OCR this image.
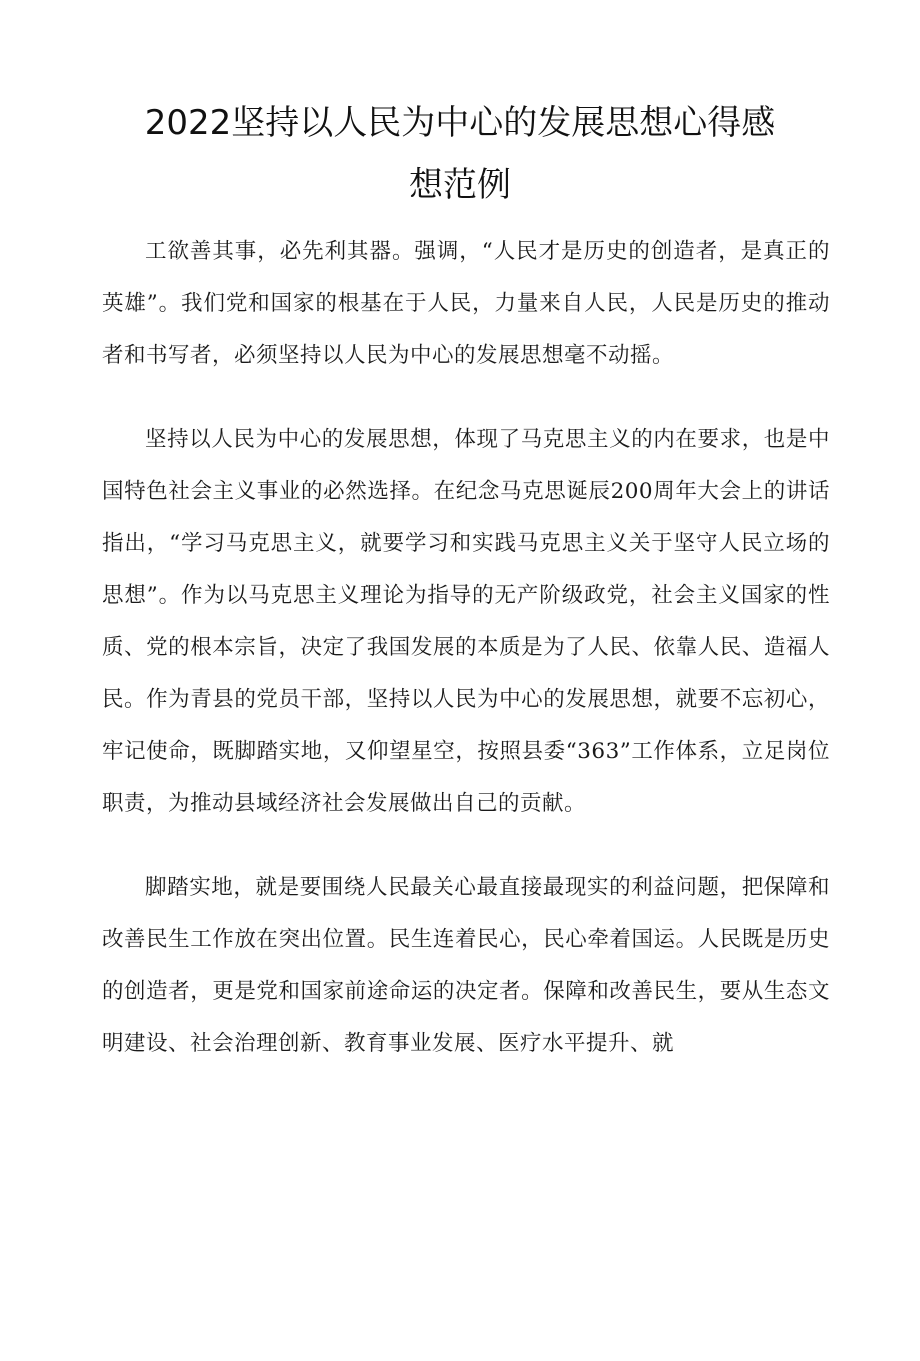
2022坚持以人民为中心的发展思想心得感
想范例

工欲善其事，必先利其器。强调，“人民才是历史的创造者，是真正的英雄”。我们党和国家的根基在于人民，力量来自人民，人民是历史的推动者和书写者，必须坚持以人民为中心的发展思想毫不动摇。

坚持以人民为中心的发展思想，体现了马克思主义的内在要求，也是中国特色社会主义事业的必然选择。在纪念马克思诞辰200周年大会上的讲话指出，“学习马克思主义，就要学习和实践马克思主义关于坚守人民立场的思想”。作为以马克思主义理论为指导的无产阶级政党，社会主义国家的性质、党的根本宗旨，决定了我国发展的本质是为了人民、依靠人民、造福人民。作为青县的党员干部，坚持以人民为中心的发展思想，就要不忘初心，牢记使命，既脚踏实地，又仰望星空，按照县委“363”工作体系，立足岗位职责，为推动县域经济社会发展做出自己的贡献。

脚踏实地，就是要围绕人民最关心最直接最现实的利益问题，把保障和改善民生工作放在突出位置。民生连着民心，民心牵着国运。人民既是历史的创造者，更是党和国家前途命运的决定者。保障和改善民生，要从生态文明建设、社会治理创新、教育事业发展、医疗水平提升、就
